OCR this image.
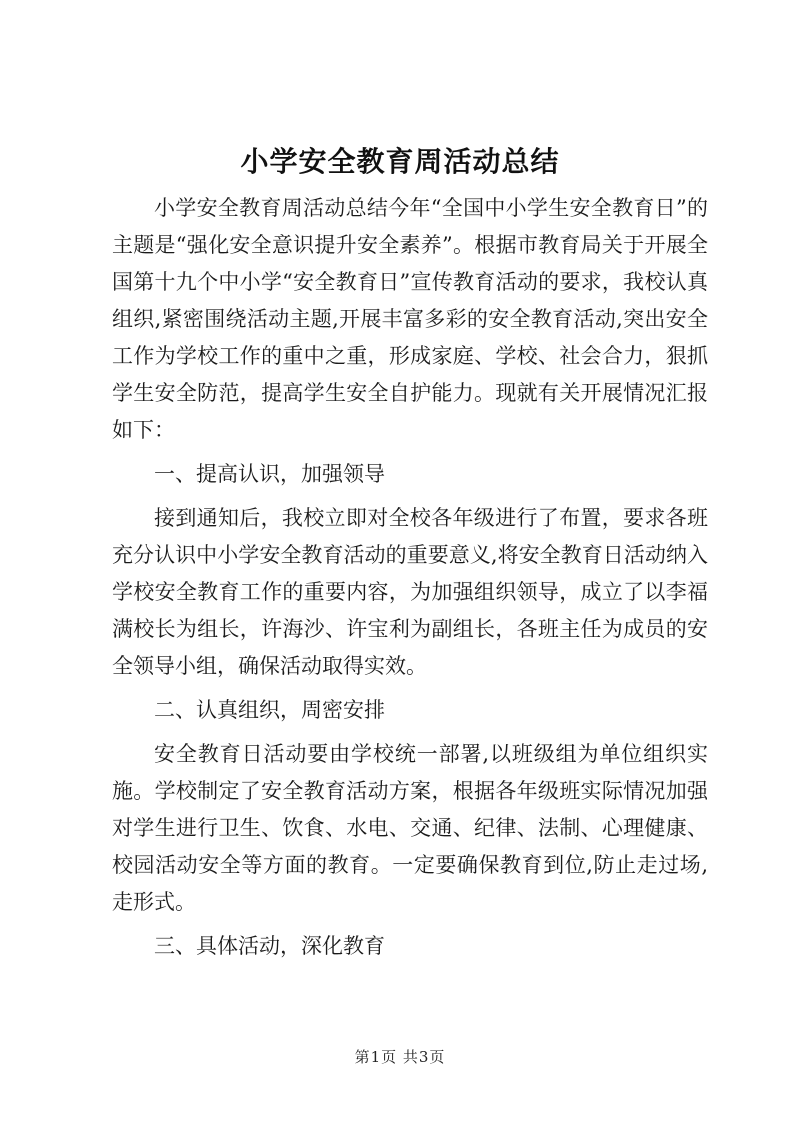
小学安全教育周活动总结

小学安全教育周活动总结今年“全国中小学生安全教育日”的主题是“强化安全意识提升安全素养”。根据市教育局关于开展全国第十九个中小学“安全教育日”宣传教育活动的要求，我校认真组织,紧密围绕活动主题,开展丰富多彩的安全教育活动,突出安全工作为学校工作的重中之重，形成家庭、学校、社会合力，狠抓学生安全防范，提高学生安全自护能力。现就有关开展情况汇报如下：

一、提高认识，加强领导

接到通知后，我校立即对全校各年级进行了布置，要求各班充分认识中小学安全教育活动的重要意义,将安全教育日活动纳入学校安全教育工作的重要内容，为加强组织领导，成立了以李福满校长为组长，许海沙、许宝利为副组长，各班主任为成员的安全领导小组，确保活动取得实效。

二、认真组织，周密安排

安全教育日活动要由学校统一部署,以班级组为单位组织实施。学校制定了安全教育活动方案，根据各年级班实际情况加强对学生进行卫生、饮食、水电、交通、纪律、法制、心理健康、校园活动安全等方面的教育。一定要确保教育到位,防止走过场,走形式。

三、具体活动，深化教育

第1页 共3页
